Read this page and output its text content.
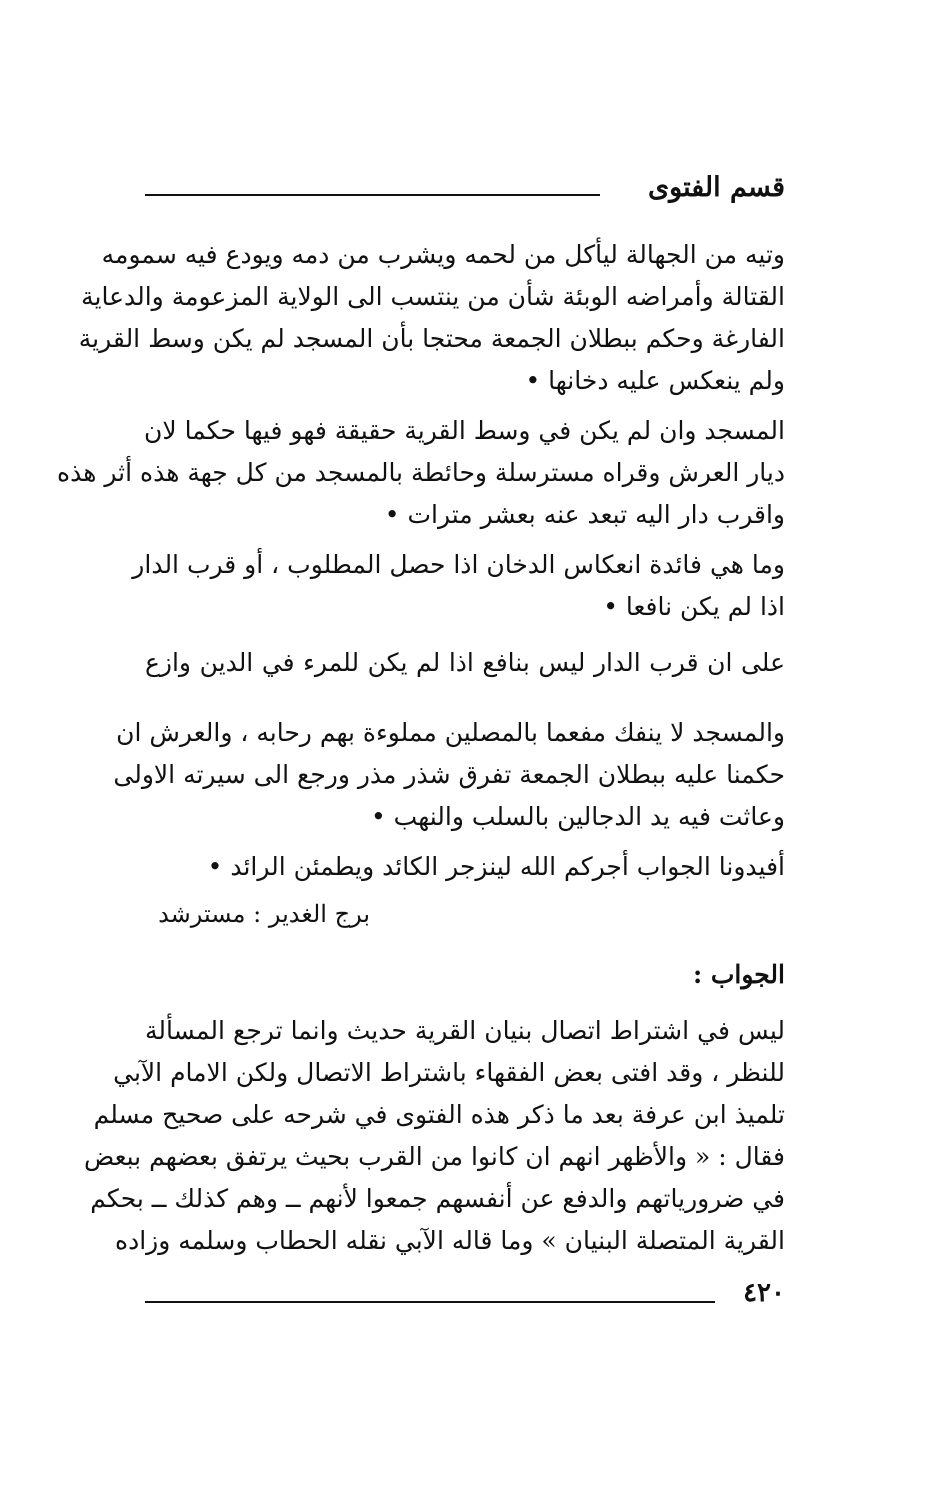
قسم الفتوى
وتيه من الجهالة ليأكل من لحمه ويشرب من دمه ويودع فيه سمومه
القتالة وأمراضه الوبئة شأن من ينتسب الى الولاية المزعومة والدعاية
الفارغة وحكم ببطلان الجمعة محتجا بأن المسجد لم يكن وسط القرية
ولم ينعكس عليه دخانها •
المسجد وان لم يكن في وسط القرية حقيقة فهو فيها حكما لان
ديار العرش وقراه مسترسلة وحائطة بالمسجد من كل جهة هذه أثر هذه
واقرب دار اليه تبعد عنه بعشر مترات •
وما هي فائدة انعكاس الدخان اذا حصل المطلوب ، أو قرب الدار
اذا لم يكن نافعا •
على ان قرب الدار ليس بنافع اذا لم يكن للمرء في الدين وازع
والمسجد لا ينفك مفعما بالمصلين مملوءة بهم رحابه ، والعرش ان
حكمنا عليه ببطلان الجمعة تفرق شذر مذر ورجع الى سيرته الاولى
وعاثت فيه يد الدجالين بالسلب والنهب •
أفيدونا الجواب أجركم الله لينزجر الكائد ويطمئن الرائد •
برج الغدير : مسترشد
الجواب :
ليس في اشتراط اتصال بنيان القرية حديث وانما ترجع المسألة
للنظر ، وقد افتى بعض الفقهاء باشتراط الاتصال ولكن الامام الآبي
تلميذ ابن عرفة بعد ما ذكر هذه الفتوى في شرحه على صحيح مسلم
فقال : « والأظهر انهم ان كانوا من القرب بحيث يرتفق بعضهم ببعض
في ضرورياتهم والدفع عن أنفسهم جمعوا لأنهم ــ وهم كذلك ــ بحكم
القرية المتصلة البنيان » وما قاله الآبي نقله الحطاب وسلمه وزاده
٤٢٠
